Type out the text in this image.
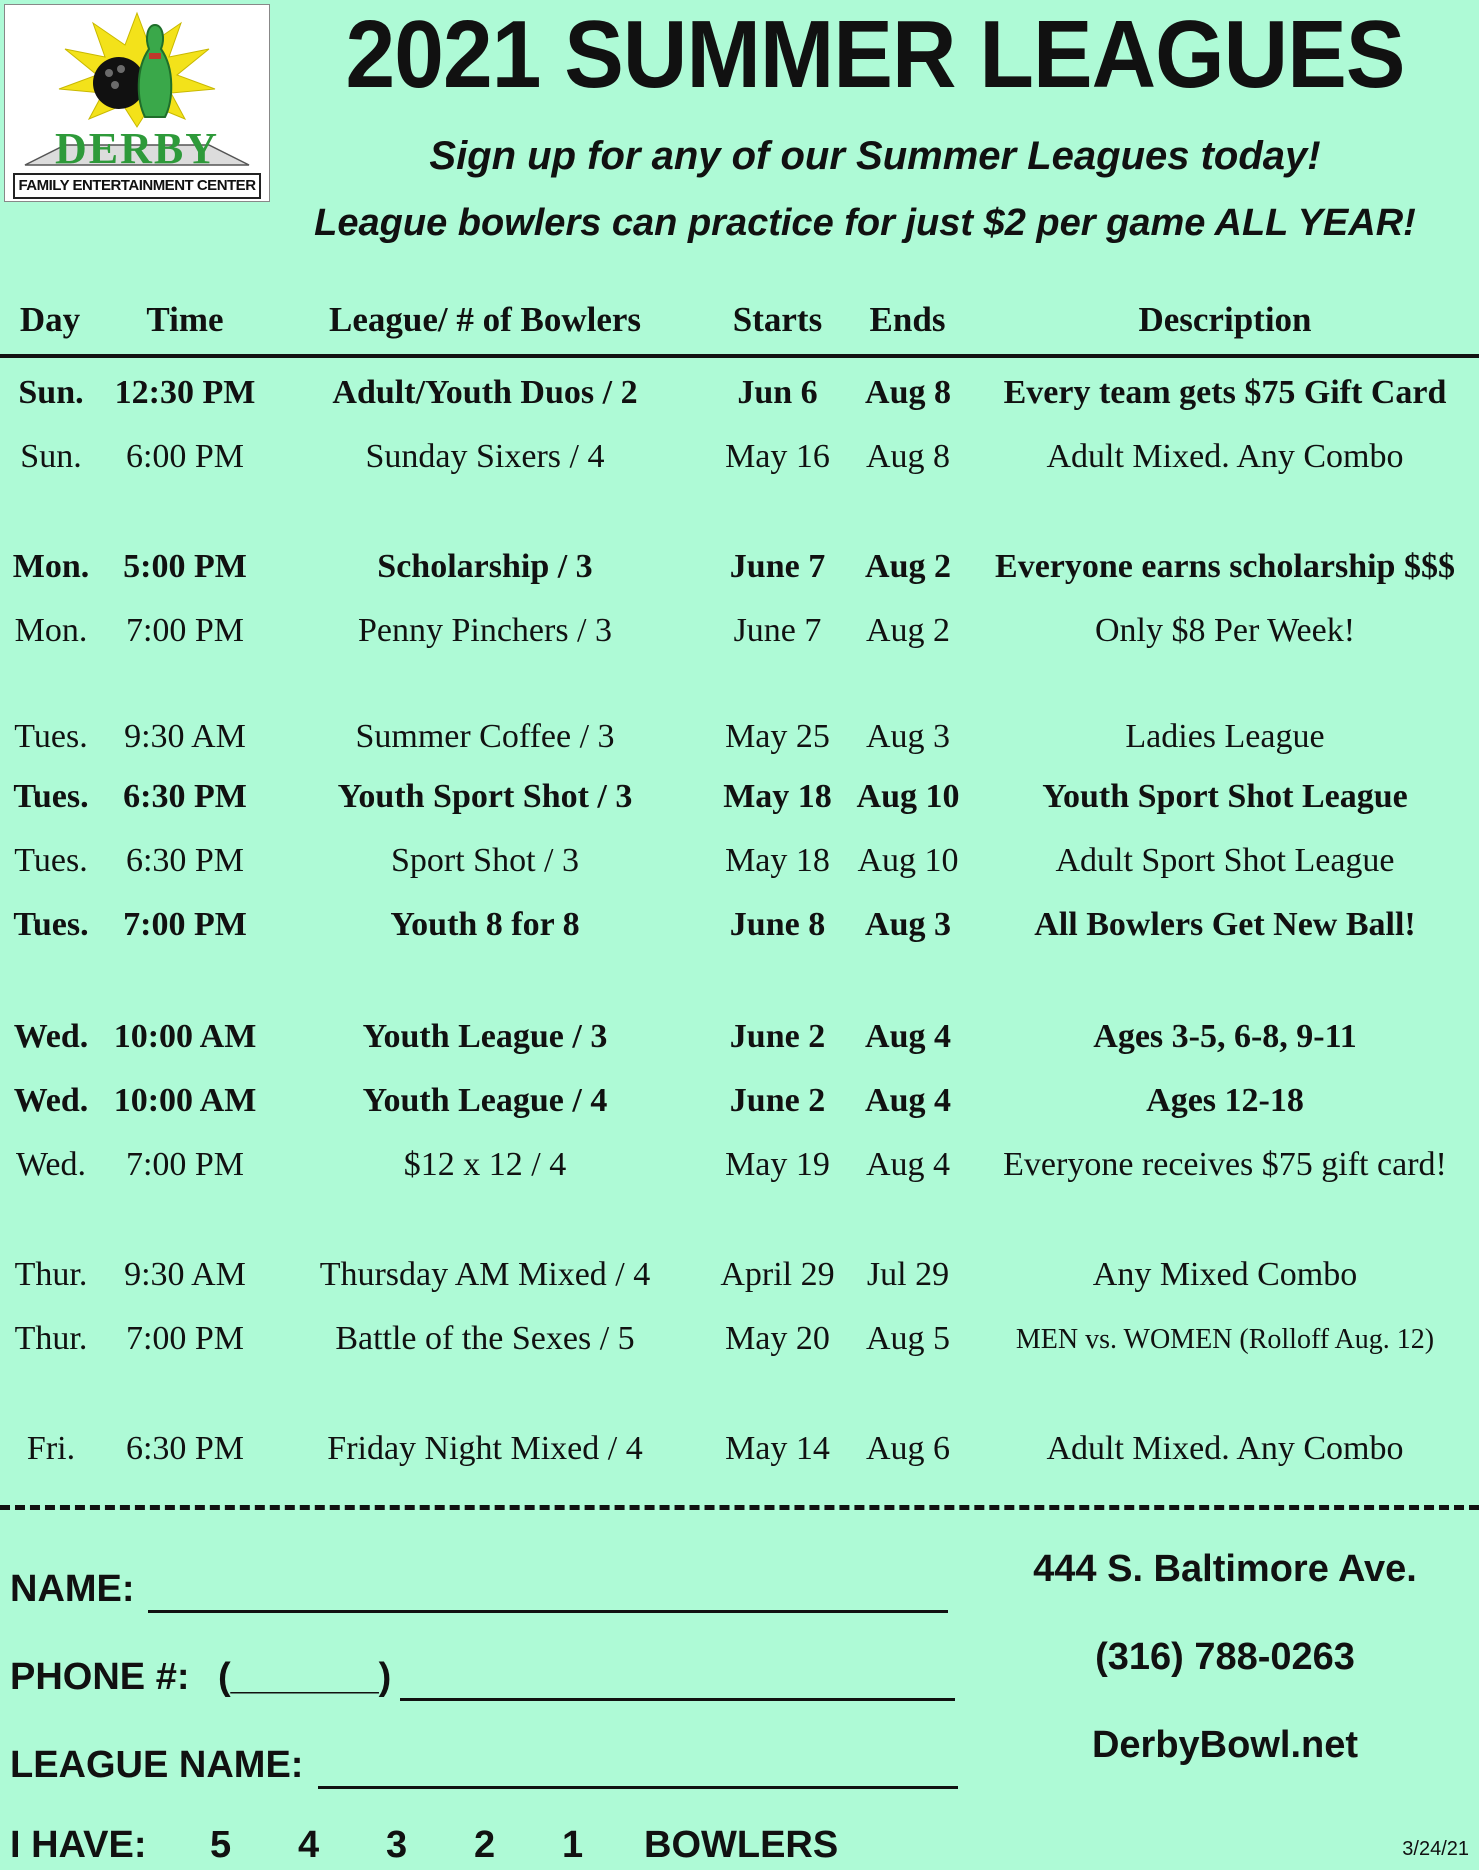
DERBY
FAMILY ENTERTAINMENT CENTER
2021 SUMMER LEAGUES
Sign up for any of our Summer Leagues today!
League bowlers can practice for just $2 per game ALL YEAR!
Day	Time	League/ # of Bowlers	Starts	Ends	Description
Sun. 12:30 PM	Adult/Youth Duos / 2	Jun 6	Aug 8	Every team gets $75 Gift Card
Sun.	6:00 PM	Sunday Sixers / 4	May 16	Aug 8	Adult Mixed. Any Combo
Mon. 5:00 PM	Scholarship / 3	June 7	Aug 2	Everyone earns scholarship $$$
Mon.	7:00 PM	Penny Pinchers / 3	June 7	Aug 2	Only $8 Per Week!
Tues.	9:30 AM	Summer Coffee / 3	May 25	Aug 3	Ladies League
Tues.	6:30 PM	Youth Sport Shot / 3	May 18 Aug 10	Youth Sport Shot League
Tues.	6:30 PM	Sport Shot / 3	May 18 Aug 10	Adult Sport Shot League
Tues.	7:00 PM	Youth 8 for 8	June 8	Aug 3	All Bowlers Get New Ball!
Wed. 10:00 AM	Youth League / 3	June 2	Aug 4	Ages 3-5, 6-8, 9-11
Wed. 10:00 AM	Youth League / 4	June 2	Aug 4	Ages 12-18
Wed.	7:00 PM	$12 x 12 / 4	May 19	Aug 4	Everyone receives $75 gift card!
Thur.	9:30 AM	Thursday AM Mixed / 4	April 29 Jul 29	Any Mixed Combo
Thur.	7:00 PM	Battle of the Sexes / 5	May 20	Aug 5	MEN vs. WOMEN (Rolloff Aug. 12)
Fri.	6:30 PM	Friday Night Mixed / 4	May 14	Aug 6	Adult Mixed. Any Combo
NAME:
PHONE #: (_______)
LEAGUE NAME:
I HAVE: 5 4 3 2 1 BOWLERS
444 S. Baltimore Ave.
(316) 788-0263
DerbyBowl.net
3/24/21
